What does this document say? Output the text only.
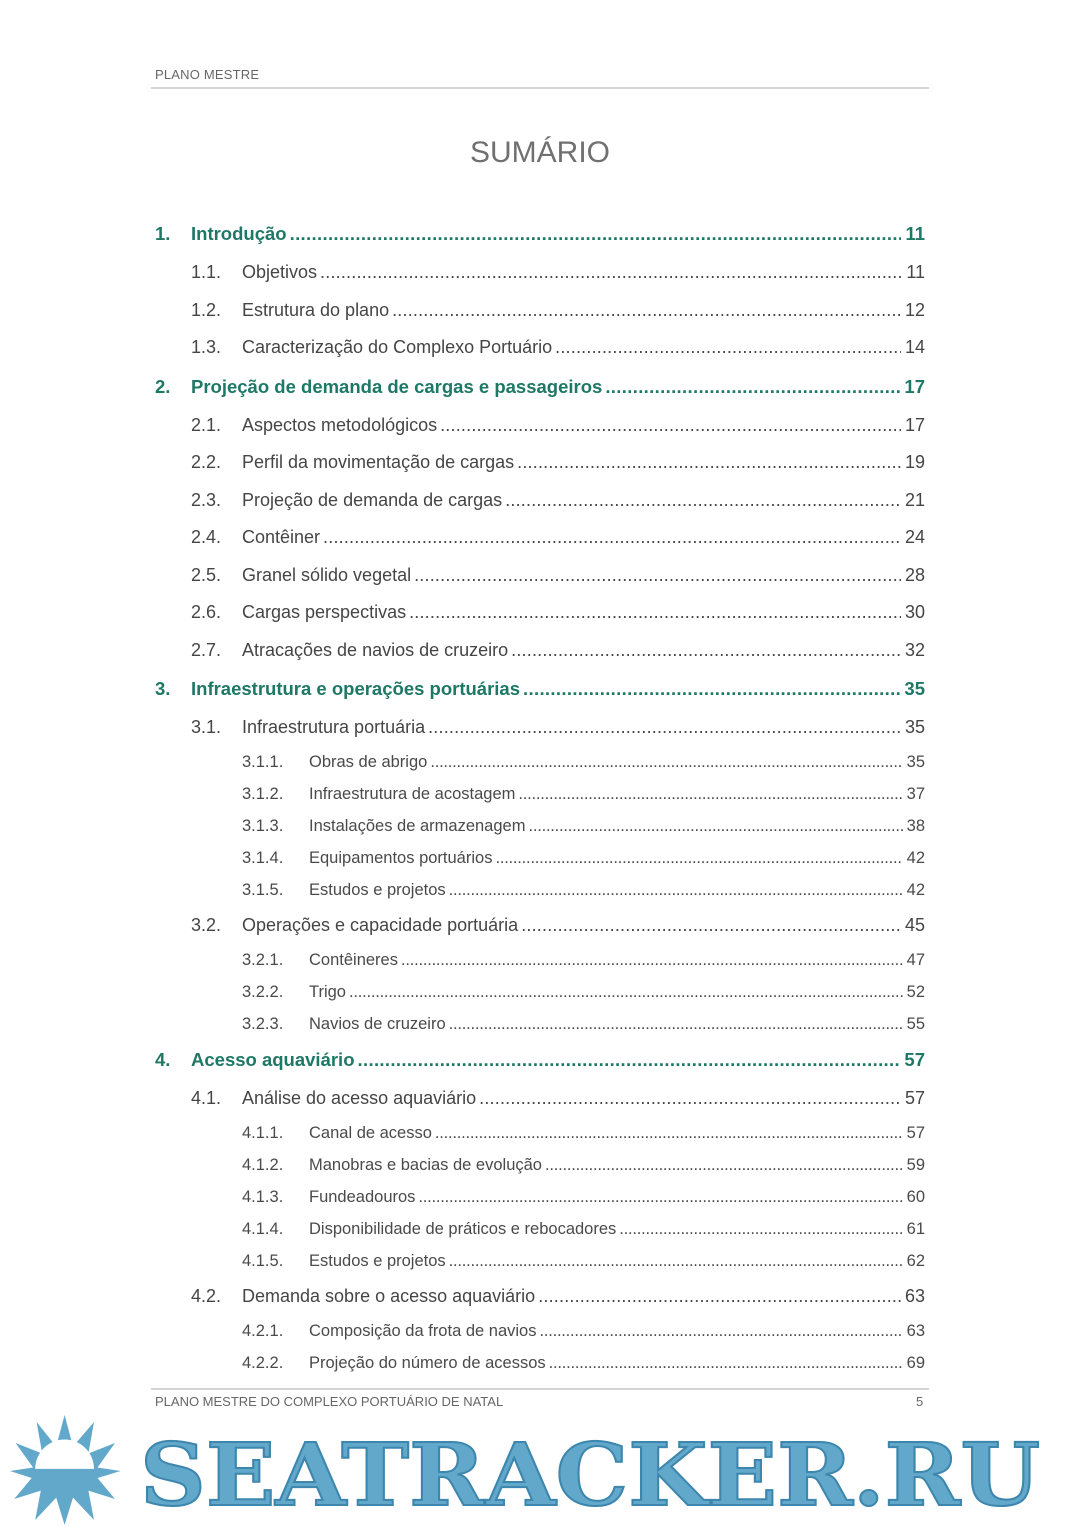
PLANO MESTRE
SUMÁRIO
1.	Introdução . . .	11
1.1.	Objetivos . . .	11
1.2.	Estrutura do plano . . .	12
1.3.	Caracterização do Complexo Portuário . . .	14
2.	Projeção de demanda de cargas e passageiros . . .	17
2.1.	Aspectos metodológicos . . .	17
2.2.	Perfil da movimentação de cargas . . .	19
2.3.	Projeção de demanda de cargas . . .	21
2.4.	Contêiner . . .	24
2.5.	Granel sólido vegetal . . .	28
2.6.	Cargas perspectivas . . .	30
2.7.	Atracações de navios de cruzeiro . . .	32
3.	Infraestrutura e operações portuárias . . .	35
3.1.	Infraestrutura portuária . . .	35
3.1.1.	Obras de abrigo . . .	35
3.1.2.	Infraestrutura de acostagem . . .	37
3.1.3.	Instalações de armazenagem . . .	38
3.1.4.	Equipamentos portuários . . .	42
3.1.5.	Estudos e projetos . . .	42
3.2.	Operações e capacidade portuária . . .	45
3.2.1.	Contêineres . . .	47
3.2.2.	Trigo . . .	52
3.2.3.	Navios de cruzeiro . . .	55
4.	Acesso aquaviário . . .	57
4.1.	Análise do acesso aquaviário . . .	57
4.1.1.	Canal de acesso . . .	57
4.1.2.	Manobras e bacias de evolução . . .	59
4.1.3.	Fundeadouros . . .	60
4.1.4.	Disponibilidade de práticos e rebocadores . . .	61
4.1.5.	Estudos e projetos . . .	62
4.2.	Demanda sobre o acesso aquaviário . . .	63
4.2.1.	Composição da frota de navios . . .	63
4.2.2.	Projeção do número de acessos . . .	69
PLANO MESTRE DO COMPLEXO PORTUÁRIO DE NATAL	5
SEATRACKER.RU
